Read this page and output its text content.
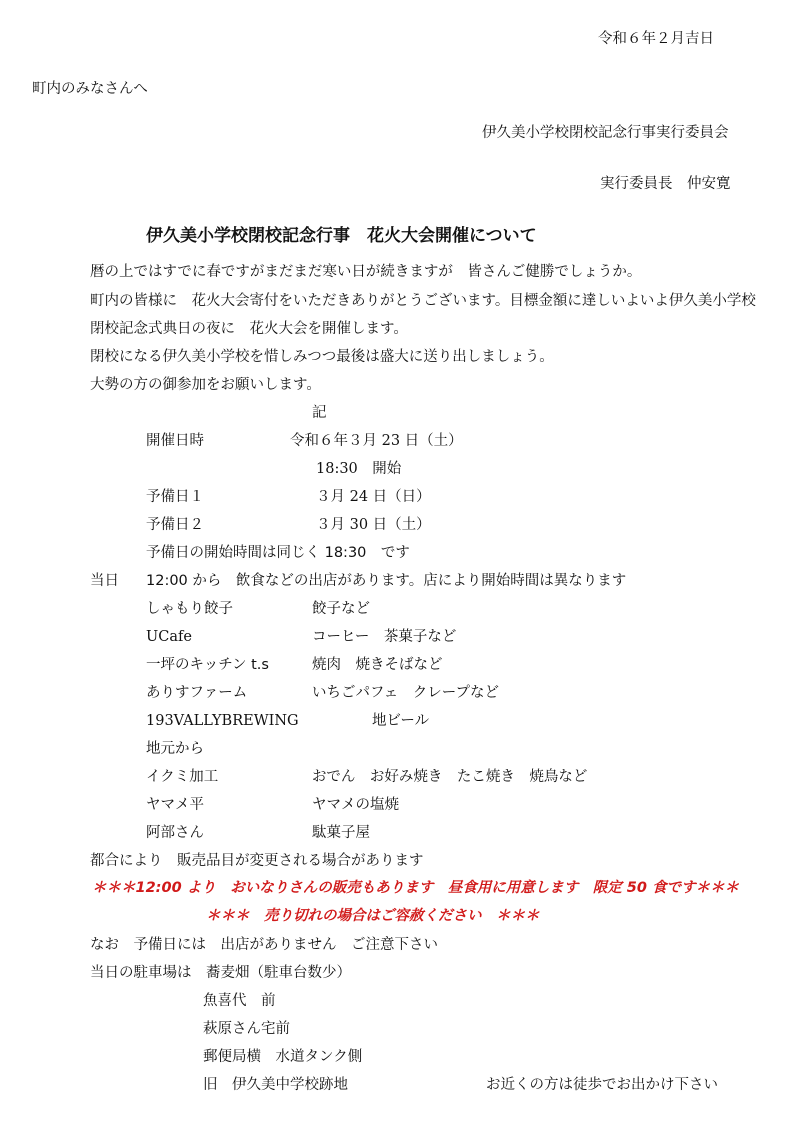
令和６年２月吉日
町内のみなさんへ
伊久美小学校閉校記念行事実行委員会
実行委員長　仲安寛
伊久美小学校閉校記念行事　花火大会開催について
暦の上ではすでに春ですがまだまだ寒い日が続きますが　皆さんご健勝でしょうか。
町内の皆様に　花火大会寄付をいただきありがとうございます。目標金額に達しいよいよ伊久美小学校
閉校記念式典日の夜に　花火大会を開催します。
閉校になる伊久美小学校を惜しみつつ最後は盛大に送り出しましょう。
大勢の方の御参加をお願いします。
記
開催日時	令和６年３月 23 日（土）
18:30　開始
予備日１	３月 24 日（日）
予備日２	３月 30 日（土）
予備日の開始時間は同じく 18:30　です
当日 12:00 から　飲食などの出店があります。店により開始時間は異なります
しゃもり餃子	餃子など
UCafe	コーヒー　茶菓子など
一坪のキッチン t.s	焼肉　焼きそばなど
ありすファーム	いちごパフェ　クレープなど
193VALLYBREWING	地ビール
地元から
イクミ加工	おでん　お好み焼き　たこ焼き　焼鳥など
ヤマメ平	ヤマメの塩焼
阿部さん	駄菓子屋
都合により　販売品目が変更される場合があります
＊＊＊12:00 より　おいなりさんの販売もあります　昼食用に用意します　限定 50 食です＊＊＊
＊＊＊　売り切れの場合はご容赦ください　＊＊＊
なお　予備日には　出店がありません　ご注意下さい
当日の駐車場は　蕎麦畑（駐車台数少）
魚喜代　前
萩原さん宅前
郵便局横　水道タンク側
旧　伊久美中学校跡地	お近くの方は徒歩でお出かけ下さい
